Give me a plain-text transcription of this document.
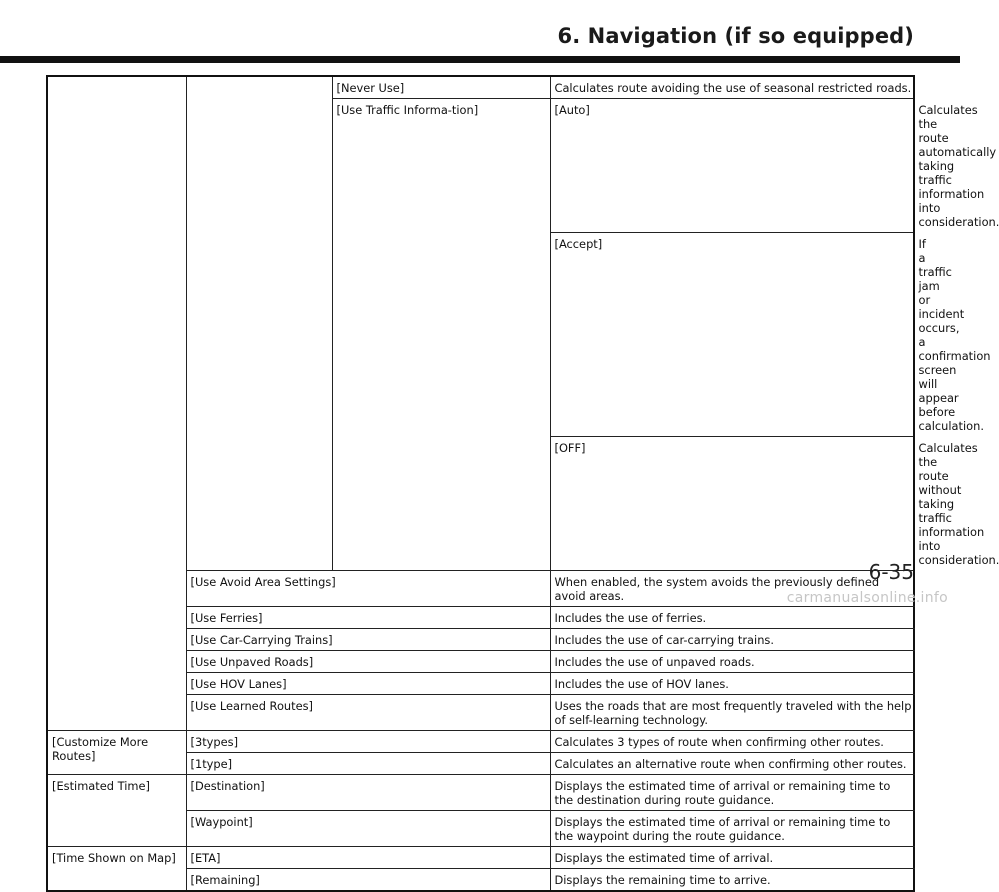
6. Navigation (if so equipped)
		[Never Use]	Calculates route avoiding the use of seasonal restricted roads.	
		[Use Traffic Informa-tion]	[Auto]	Calculates the route automatically taking traffic information into consideration.
			[Accept]	If a traffic jam or incident occurs, a confirmation screen will appear before calculation.
			[OFF]	Calculates the route without taking traffic information into consideration.
	[Use Avoid Area Settings]		When enabled, the system avoids the previously defined avoid areas.	
	[Use Ferries]		Includes the use of ferries.	
	[Use Car-Carrying Trains]		Includes the use of car-carrying trains.	
	[Use Unpaved Roads]		Includes the use of unpaved roads.	
	[Use HOV Lanes]		Includes the use of HOV lanes.	
	[Use Learned Routes]		Uses the roads that are most frequently traveled with the help of self-learning technology.	
[Customize More Routes]	[3types]		Calculates 3 types of route when confirming other routes.	
	[1type]		Calculates an alternative route when confirming other routes.	
[Estimated Time]	[Destination]		Displays the estimated time of arrival or remaining time to the destination during route guidance.	
	[Waypoint]		Displays the estimated time of arrival or remaining time to the waypoint during the route guidance.	
[Time Shown on Map]	[ETA]		Displays the estimated time of arrival.	
	[Remaining]		Displays the remaining time to arrive.	
6-35
carmanualsonline.info
